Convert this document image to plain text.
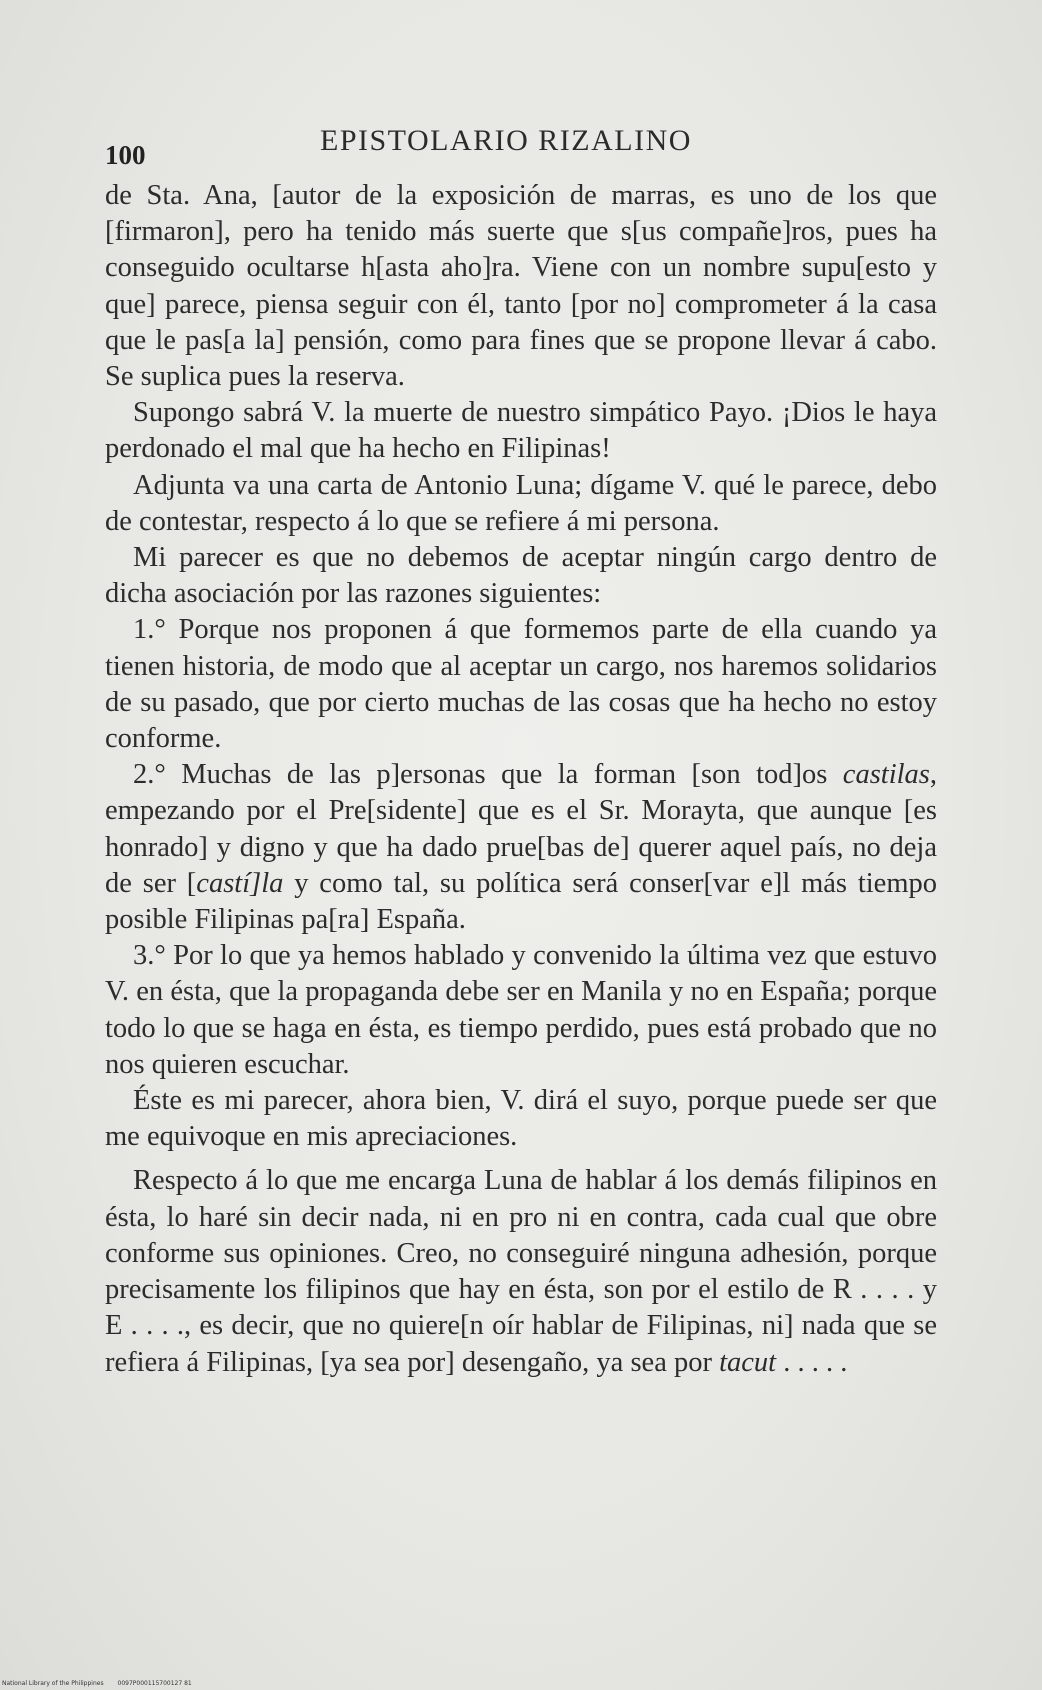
100	EPISTOLARIO RIZALINO

de Sta. Ana, [autor de la exposición de marras, es uno de los que [firmaron], pero ha tenido más suerte que s[us compañe]ros, pues ha conseguido ocultarse h[asta aho]ra. Viene con un nombre supu[esto y que] parece, piensa seguir con él, tanto [por no] comprometer á la casa que le pas[a la] pensión, como para fines que se propone llevar á cabo. Se suplica pues la reserva.

Supongo sabrá V. la muerte de nuestro simpático Payo. ¡Dios le haya perdonado el mal que ha hecho en Filipinas!

Adjunta va una carta de Antonio Luna; dígame V. qué le parece, debo de contestar, respecto á lo que se refiere á mi persona.

Mi parecer es que no debemos de aceptar ningún cargo dentro de dicha asociación por las razones siguientes:

1.° Porque nos proponen á que formemos parte de ella cuando ya tienen historia, de modo que al aceptar un cargo, nos haremos solidarios de su pasado, que por cierto muchas de las cosas que ha hecho no estoy conforme.

2.° Muchas de las p]ersonas que la forman [son tod]os castilas, empezando por el Pre[sidente] que es el Sr. Morayta, que aunque [es honrado] y digno y que ha dado prue[bas de] querer aquel país, no deja de ser [castí]la y como tal, su política será conser[var e]l más tiempo posible Filipinas pa[ra] España.

3.° Por lo que ya hemos hablado y convenido la última vez que estuvo V. en ésta, que la propaganda debe ser en Manila y no en España; porque todo lo que se haga en ésta, es tiempo perdido, pues está probado que no nos quieren escuchar.

Éste es mi parecer, ahora bien, V. dirá el suyo, porque puede ser que me equivoque en mis apreciaciones.

Respecto á lo que me encarga Luna de hablar á los demás filipinos en ésta, lo haré sin decir nada, ni en pro ni en contra, cada cual que obre conforme sus opiniones. Creo, no conseguiré ninguna adhesión, porque precisamente los filipinos que hay en ésta, son por el estilo de R . . . . y E . . . ., es decir, que no quiere[n oír hablar de Filipinas, ni] nada que se refiera á Filipinas, [ya sea por] desengaño, ya sea por tacut . . . . .

National Library of the Philippines 0097P000115700127 81
